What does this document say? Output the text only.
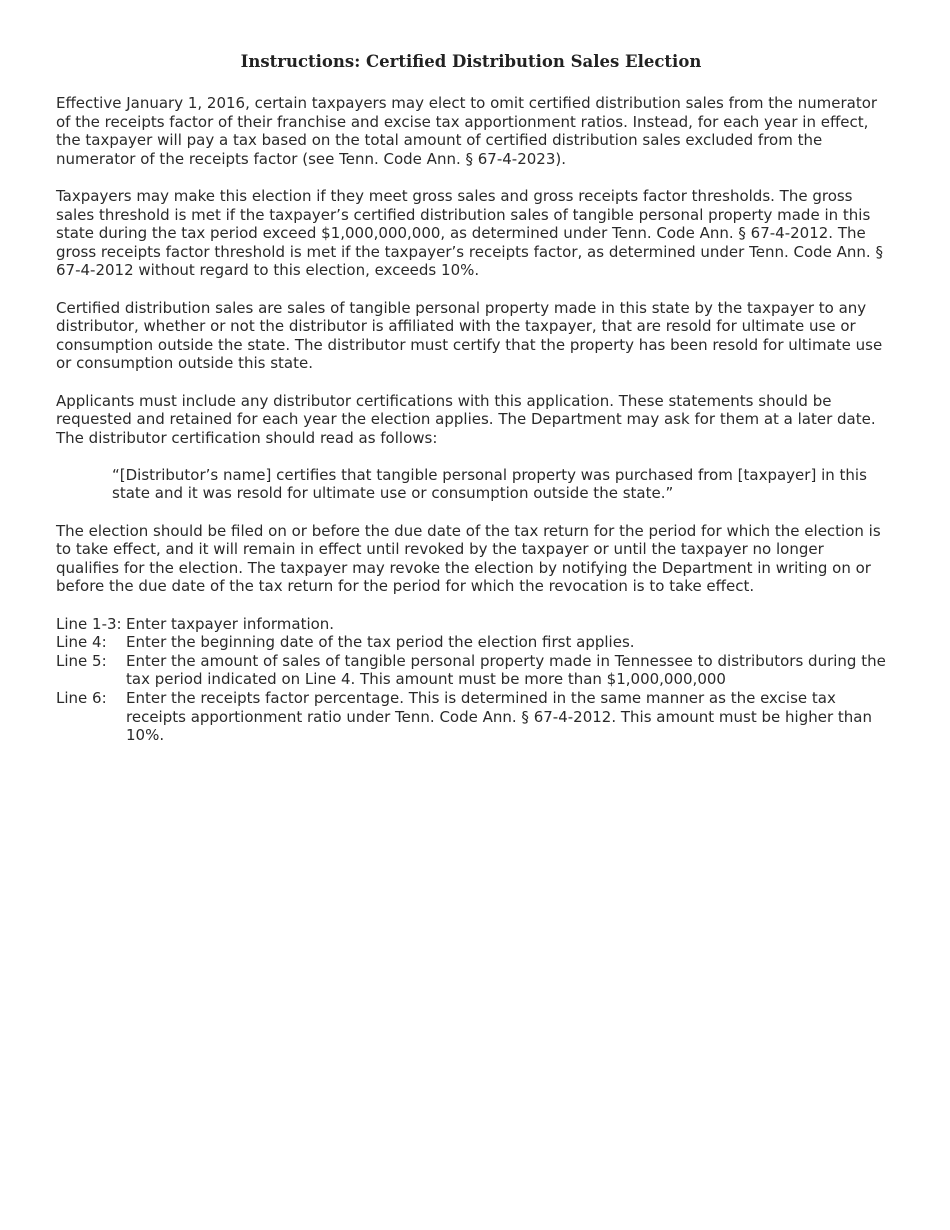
Instructions: Certified Distribution Sales Election

Effective January 1, 2016, certain taxpayers may elect to omit certified distribution sales from the numerator of the receipts factor of their franchise and excise tax apportionment ratios. Instead, for each year in effect, the taxpayer will pay a tax based on the total amount of certified distribution sales excluded from the numerator of the receipts factor (see Tenn. Code Ann. § 67-4-2023).

Taxpayers may make this election if they meet gross sales and gross receipts factor thresholds. The gross sales threshold is met if the taxpayer’s certified distribution sales of tangible personal property made in this state during the tax period exceed $1,000,000,000, as determined under Tenn. Code Ann. § 67-4-2012. The gross receipts factor threshold is met if the taxpayer’s receipts factor, as determined under Tenn. Code Ann. § 67-4-2012 without regard to this election, exceeds 10%.

Certified distribution sales are sales of tangible personal property made in this state by the taxpayer to any distributor, whether or not the distributor is affiliated with the taxpayer, that are resold for ultimate use or consumption outside the state. The distributor must certify that the property has been resold for ultimate use or consumption outside this state.

Applicants must include any distributor certifications with this application. These statements should be requested and retained for each year the election applies. The Department may ask for them at a later date. The distributor certification should read as follows:

“[Distributor’s name] certifies that tangible personal property was purchased from [taxpayer] in this state and it was resold for ultimate use or consumption outside the state.”

The election should be filed on or before the due date of the tax return for the period for which the election is to take effect, and it will remain in effect until revoked by the taxpayer or until the taxpayer no longer qualifies for the election. The taxpayer may revoke the election by notifying the Department in writing on or before the due date of the tax return for the period for which the revocation is to take effect.

Line 1-3: Enter taxpayer information.
Line 4:	Enter the beginning date of the tax period the election first applies.
Line 5:	Enter the amount of sales of tangible personal property made in Tennessee to distributors during the tax period indicated on Line 4. This amount must be more than $1,000,000,000
Line 6:	Enter the receipts factor percentage. This is determined in the same manner as the excise tax receipts apportionment ratio under Tenn. Code Ann. § 67-4-2012. This amount must be higher than 10%.
